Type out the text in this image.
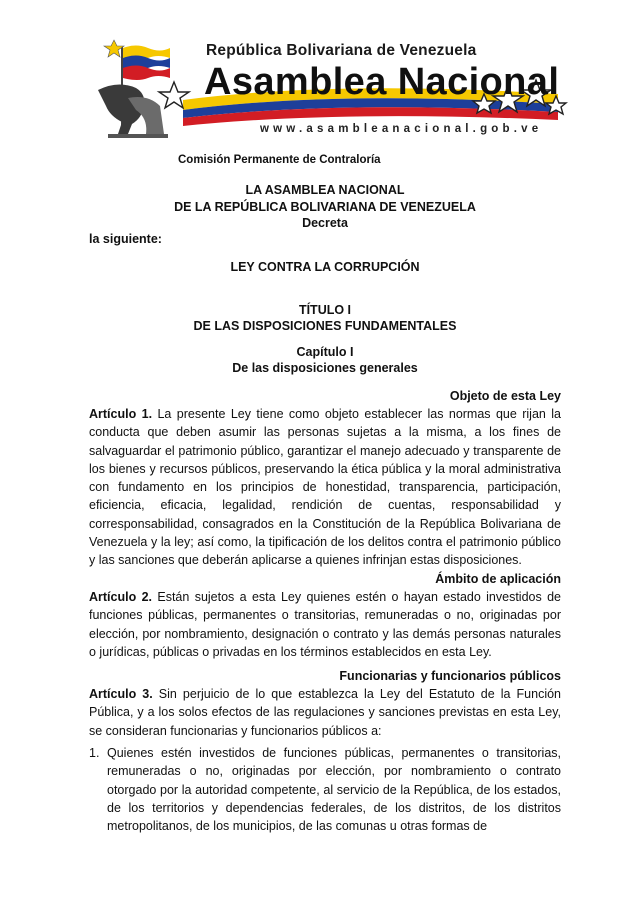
República Bolivariana de Venezuela
Asamblea Nacional
www.asambleanacional.gob.ve
Comisión Permanente de Contraloría
LA ASAMBLEA NACIONAL
DE LA REPÚBLICA BOLIVARIANA DE VENEZUELA
Decreta
la siguiente:
LEY CONTRA LA CORRUPCIÓN
TÍTULO I
DE LAS DISPOSICIONES FUNDAMENTALES
Capítulo I
De las disposiciones generales
Objeto de esta Ley

Artículo 1. La presente Ley tiene como objeto establecer las normas que rijan la conducta que deben asumir las personas sujetas a la misma, a los fines de salvaguardar el patrimonio público, garantizar el manejo adecuado y transparente de los bienes y recursos públicos, preservando la ética pública y la moral administrativa con fundamento en los principios de honestidad, transparencia, participación, eficiencia, eficacia, legalidad, rendición de cuentas, responsabilidad y corresponsabilidad, consagrados en la Constitución de la República Bolivariana de Venezuela y la ley; así como, la tipificación de los delitos contra el patrimonio público y las sanciones que deberán aplicarse a quienes infrinjan estas disposiciones.

Ámbito de aplicación

Artículo 2. Están sujetos a esta Ley quienes estén o hayan estado investidos de funciones públicas, permanentes o transitorias, remuneradas o no, originadas por elección, por nombramiento, designación o contrato y las demás personas naturales o jurídicas, públicas o privadas en los términos establecidos en esta Ley.

Funcionarias y funcionarios públicos

Artículo 3. Sin perjuicio de lo que establezca la Ley del Estatuto de la Función Pública, y a los solos efectos de las regulaciones y sanciones previstas en esta Ley, se consideran funcionarias y funcionarios públicos a:

1. Quienes estén investidos de funciones públicas, permanentes o transitorias, remuneradas o no, originadas por elección, por nombramiento o contrato otorgado por la autoridad competente, al servicio de la República, de los estados, de los territorios y dependencias federales, de los distritos, de los distritos metropolitanos, de los municipios, de las comunas u otras formas de
